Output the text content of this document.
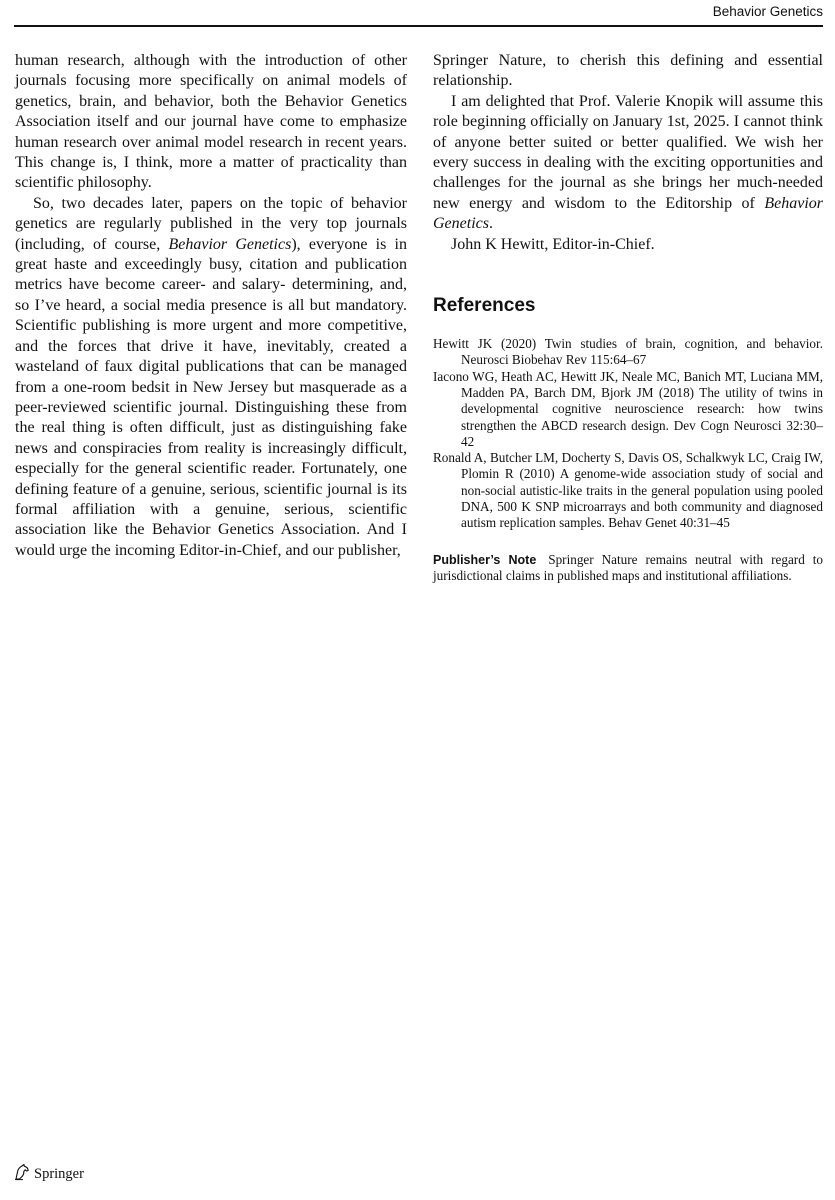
Behavior Genetics

human research, although with the introduction of other journals focusing more specifically on animal models of genetics, brain, and behavior, both the Behavior Genetics Association itself and our journal have come to emphasize human research over animal model research in recent years. This change is, I think, more a matter of practicality than scientific philosophy.

So, two decades later, papers on the topic of behavior genetics are regularly published in the very top journals (including, of course, Behavior Genetics), everyone is in great haste and exceedingly busy, citation and publication metrics have become career- and salary- determining, and, so I’ve heard, a social media presence is all but mandatory. Scientific publishing is more urgent and more competitive, and the forces that drive it have, inevitably, created a wasteland of faux digital publications that can be managed from a one-room bedsit in New Jersey but masquerade as a peer-reviewed scientific journal. Distinguishing these from the real thing is often difficult, just as distinguishing fake news and conspiracies from reality is increasingly difficult, especially for the general scientific reader. Fortunately, one defining feature of a genuine, serious, scientific journal is its formal affiliation with a genuine, serious, scientific association like the Behavior Genetics Association. And I would urge the incoming Editor-in-Chief, and our publisher,

Springer Nature, to cherish this defining and essential relationship.

I am delighted that Prof. Valerie Knopik will assume this role beginning officially on January 1st, 2025. I cannot think of anyone better suited or better qualified. We wish her every success in dealing with the exciting opportunities and challenges for the journal as she brings her much-needed new energy and wisdom to the Editorship of Behavior Genetics.

John K Hewitt, Editor-in-Chief.

References
Hewitt JK (2020) Twin studies of brain, cognition, and behavior. Neurosci Biobehav Rev 115:64–67
Iacono WG, Heath AC, Hewitt JK, Neale MC, Banich MT, Luciana MM, Madden PA, Barch DM, Bjork JM (2018) The utility of twins in developmental cognitive neuroscience research: how twins strengthen the ABCD research design. Dev Cogn Neurosci 32:30–42
Ronald A, Butcher LM, Docherty S, Davis OS, Schalkwyk LC, Craig IW, Plomin R (2010) A genome-wide association study of social and non-social autistic-like traits in the general population using pooled DNA, 500 K SNP microarrays and both community and diagnosed autism replication samples. Behav Genet 40:31–45
Publisher’s Note Springer Nature remains neutral with regard to jurisdictional claims in published maps and institutional affiliations.
Springer
